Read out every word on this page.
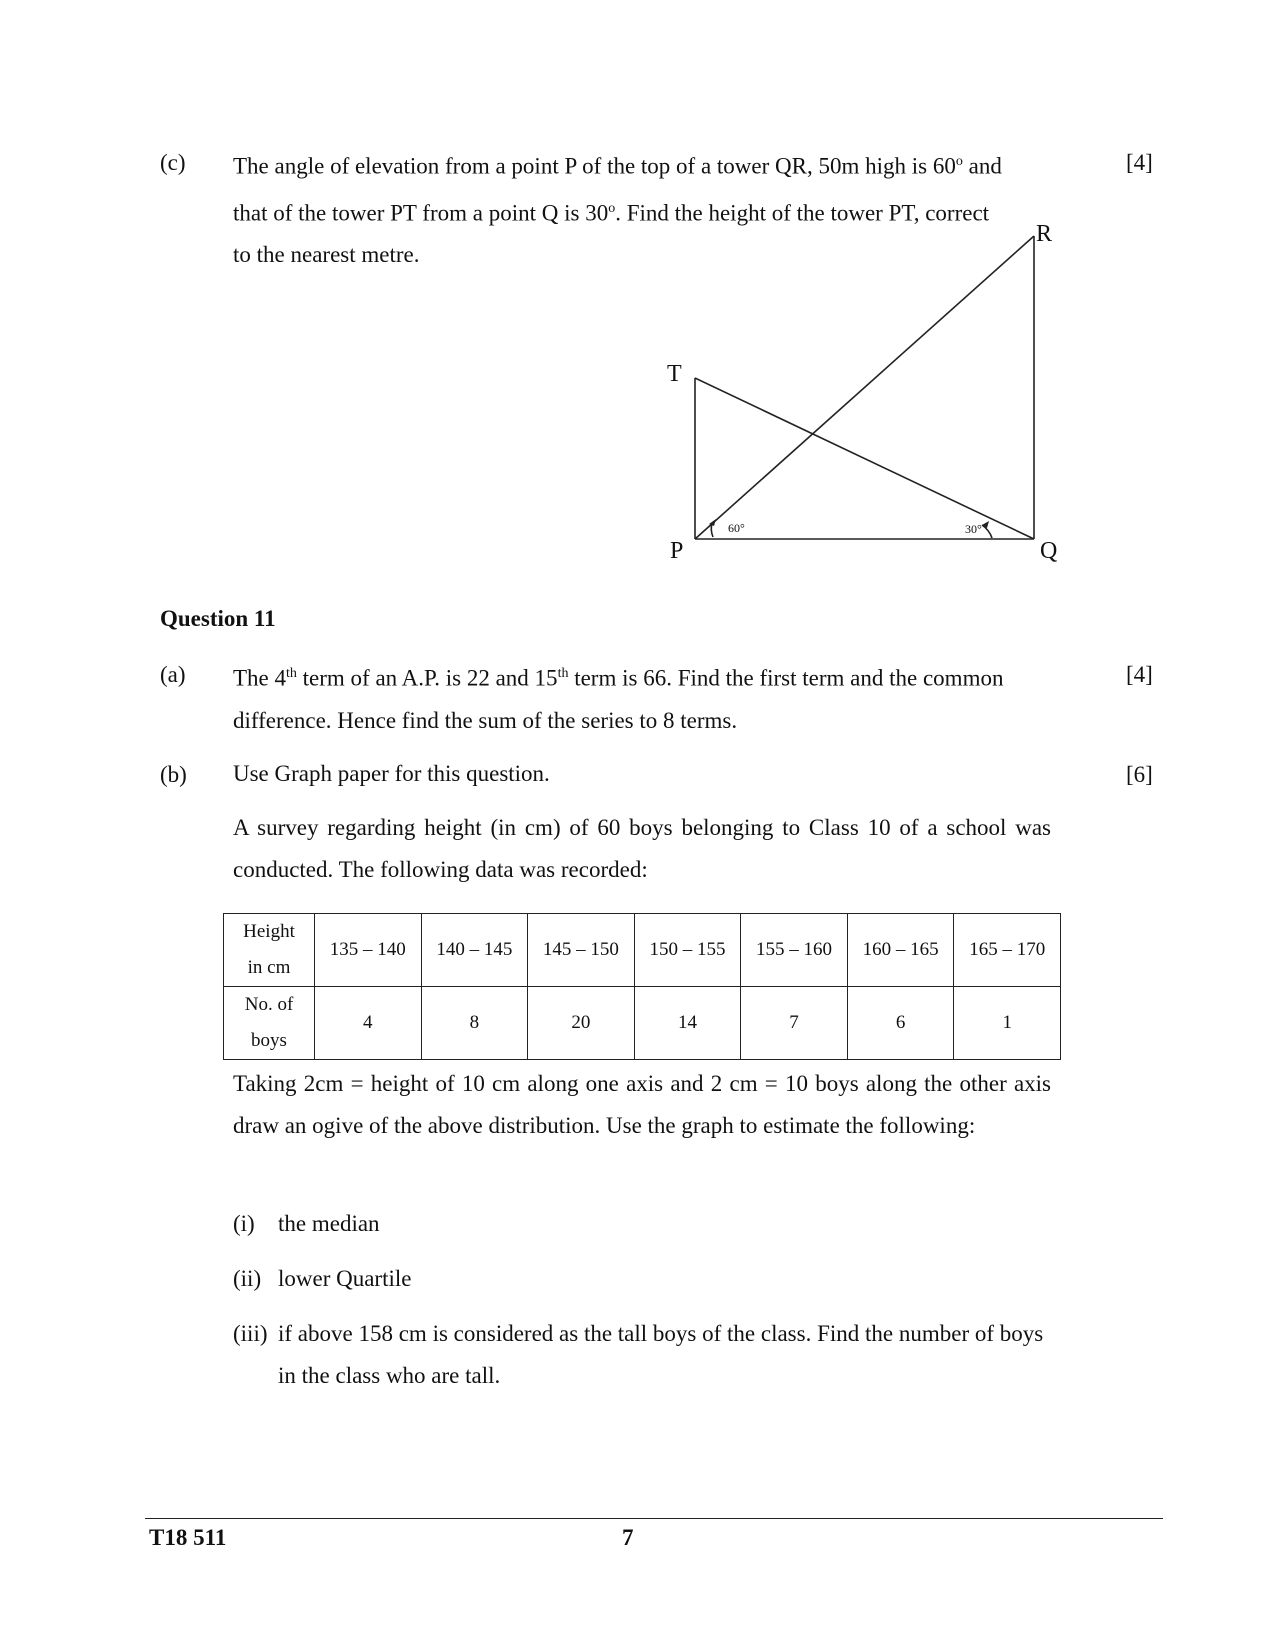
(c)	[4]
The angle of elevation from a point P of the top of a tower QR, 50m high is 60$^o$ and
that of the tower PT from a point Q is 30$^o$. Find the height of the tower PT, correct
to the nearest metre.
R
T
P	Q
60°	30°
Question 11
(a)	[4]
The 4th term of an A.P. is 22 and 15th term is 66. Find the first term and the common
difference. Hence find the sum of the series to 8 terms.
(b)	[6]
Use Graph paper for this question.
A survey regarding height (in cm) of 60 boys belonging to Class 10 of a school was conducted. The following data was recorded:
Height in cm	135 – 140	140 – 145	145 – 150	150 – 155	155 – 160	160 – 165	165 – 170

No. of boys	4	8	20	14	7	6	1
Taking 2cm = height of 10 cm along one axis and 2 cm = 10 boys along the other axis draw an ogive of the above distribution. Use the graph to estimate the following:
(i) the median
(ii) lower Quartile
(iii) if above 158 cm is considered as the tall boys of the class. Find the number of boys in the class who are tall.
T18 511	7
